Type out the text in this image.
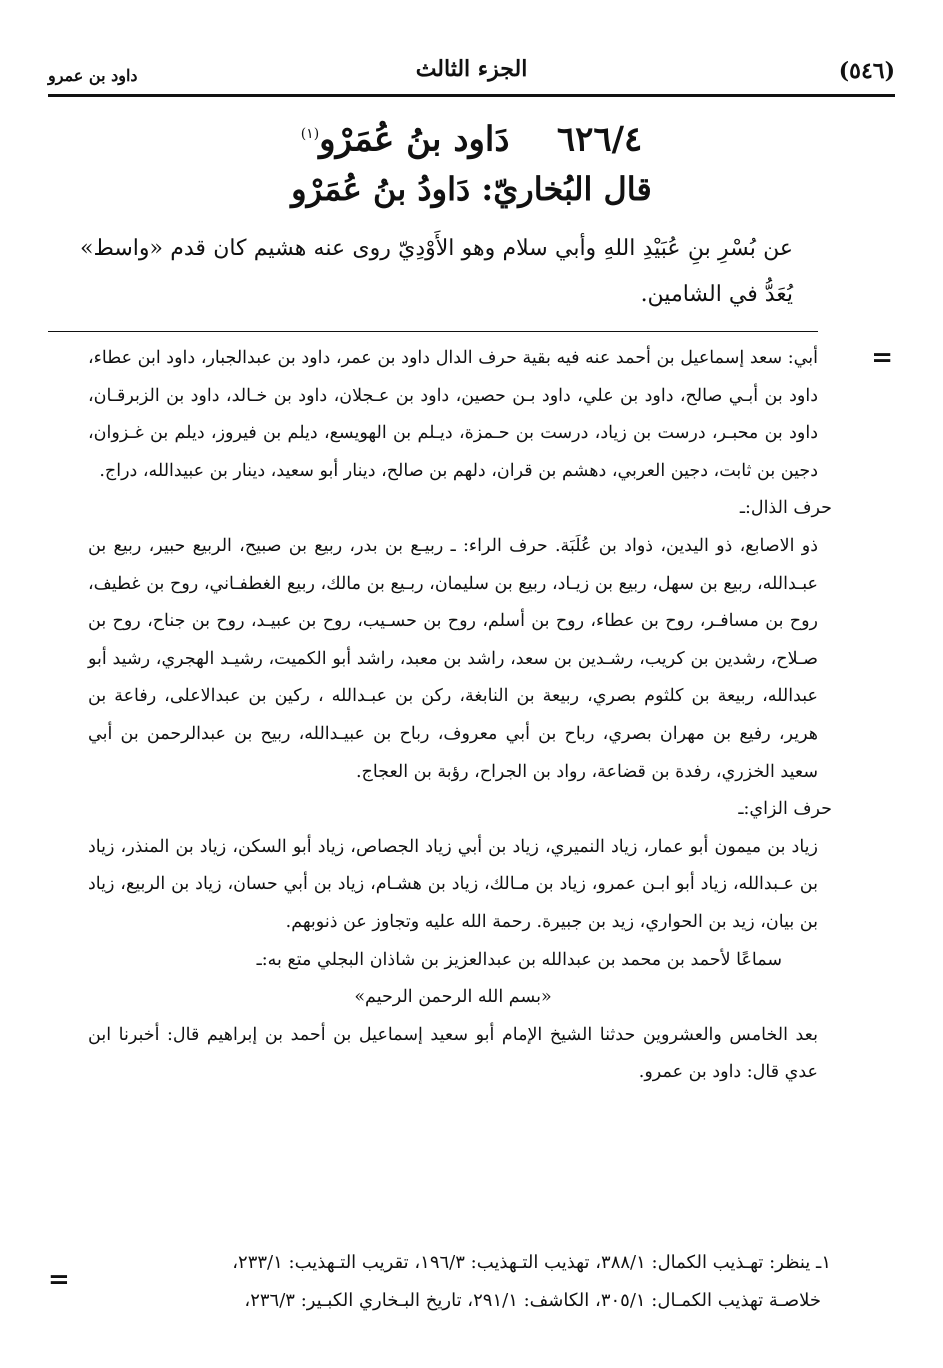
(٥٤٦)
الجزء الثالث
داود بن عمرو
٦٢٦/٤    دَاود بنُ عُمَرْو$^{(١)}$
قال البُخاريّ: دَاودُ بنُ عُمَرْو
عن بُسْرِ بنِ عُبَيْدِ اللهِ وأبي سلام وهو الأَوْدِيّ روى عنه هشيم كان قدم «واسط» يُعَدُّ في الشامين.
=

أبي: سعد إسماعيل بن أحمد عنه فيه بقية حرف الدال داود بن عمر، داود بن عبدالجبار، داود ابن عطاء، داود بن أبـي صالح، داود بن علي، داود بـن حصين، داود بن عـجلان، داود بن خـالد، داود بن الزبرقـان، داود بن محبـر، درست بن زياد، درست بن حـمزة، ديـلم بن الهويسع، ديلم بن فيروز، ديلم بن غـزوان، دجين بن ثابت، دجين العربي، دهشم بن قران، دلهم بن صالح، دينار أبو سعيد، دينار بن عبيدالله، دراج.

حرف الذال:ـ

ذو الاصابع، ذو اليدين، ذواد بن عُلَبَة. حرف الراء: ـ ربيـع بن بدر، ربيع بن صبيح، الربيع حبير، ربيع بن عبـدالله، ربيع بن سهل، ربيع بن زيـاد، ربيع بن سليمان، ربـيع بن مالك، ربيع الغطفـاني، روح بن غطيف، روح بن مسافـر، روح بن عطاء، روح بن أسلم، روح بن حسـيب، روح بن عبيـد، روح بن جناح، روح بن صـلاح، رشدين بن كريب، رشـدين بن سعد، راشد بن معبد، راشد أبو الكميت، رشيـد الهجري، رشيد أبو عبدالله، ربيعة بن كلثوم بصري، ربيعة بن النابغة، ركن بن عبـدالله ، ركين بن عبدالاعلى، رفاعة بن هرير، رفيع بن مهران بصري، رباح بن أبي معروف، رباح بن عبيـدالله، ربيح بن عبدالرحمن بن أبي سعيد الخزري، رفدة بن قضاعة، رواد بن الجراح، رؤبة بن العجاج.

حرف الزاي:ـ

زياد بن ميمون أبو عمار، زياد النميري، زياد بن أبي زياد الجصاص، زياد أبو السكن، زياد بن المنذر، زياد بن عـبدالله، زياد أبو ابـن عمرو، زياد بن مـالك، زياد بن هشـام، زياد بن أبي حسان، زياد بن الربيع، زياد بن بيان، زيد بن الحواري، زيد بن جبيرة. رحمة الله عليه وتجاوز عن ذنوبهم.

سماعًا لأحمد بن محمد بن عبدالله بن عبدالعزيز بن شاذان البجلي متع به:ـ

«بسم الله الرحمن الرحيم»

بعد الخامس والعشروين حدثنا الشيخ الإمام أبو سعيد إسماعيل بن أحمد بن إبراهيم قال: أخبرنا ابن عدي قال: داود بن عمرو.

١ـ ينظر: تهـذيب الكمال: ٣٨٨/١، تهذيب التـهذيب: ١٩٦/٣، تقريب التـهذيب: ٢٣٣/١،

خلاصـة تهذيب الكمـال: ٣٠٥/١، الكاشف: ٢٩١/١، تاريخ البـخاري الكبـير: ٢٣٦/٣،

=
